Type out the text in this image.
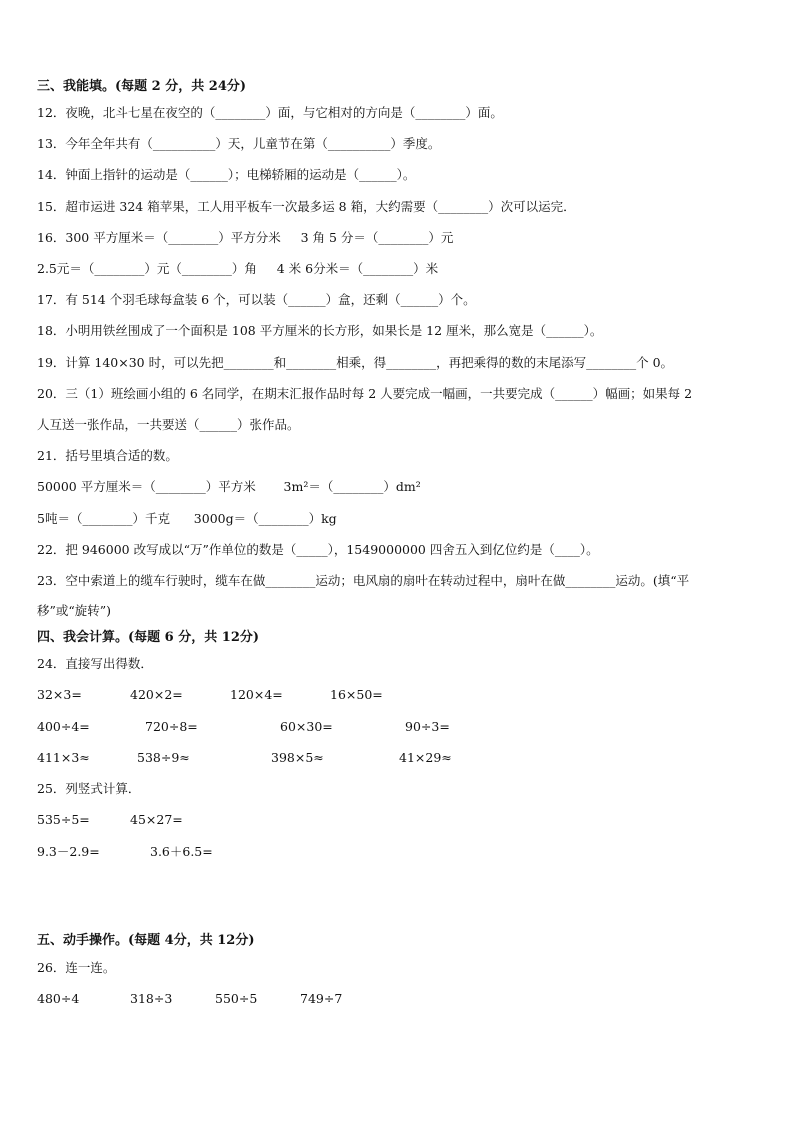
三、我能填。(每题 2 分，共 24分)
12．夜晚，北斗七星在夜空的（________）面，与它相对的方向是（________）面。
13．今年全年共有（__________）天，儿童节在第（__________）季度。
14．钟面上指针的运动是（______）；电梯轿厢的运动是（______）。
15．超市运进 324 箱苹果，工人用平板车一次最多运 8 箱，大约需要（________）次可以运完．
16．300 平方厘米＝（________）平方分米     3 角 5 分＝（________）元
2.5元＝（________）元（________）角     4 米 6分米＝（________）米
17．有 514 个羽毛球每盒装 6 个，可以装（______）盒，还剩（______）个。
18．小明用铁丝围成了一个面积是 108 平方厘米的长方形，如果长是 12 厘米，那么宽是（______）。
19．计算 140×30 时，可以先把________和________相乘，得________，再把乘得的数的末尾添写________个 0。
20．三（1）班绘画小组的 6 名同学，在期末汇报作品时每 2 人要完成一幅画，一共要完成（______）幅画；如果每 2
人互送一张作品，一共要送（______）张作品。
21．括号里填合适的数。
50000 平方厘米＝（________）平方米       3m²＝（________）dm²
5吨＝（________）千克      3000g＝（________）kg
22．把 946000 改写成以“万”作单位的数是（_____），1549000000 四舍五入到亿位约是（____）。
23．空中索道上的缆车行驶时，缆车在做________运动；电风扇的扇叶在转动过程中，扇叶在做________运动。(填“平
移”或“旋转”)
四、我会计算。(每题 6 分，共 12分)
24．直接写出得数．
32×3=	420×2=	120×4=	16×50=
400÷4=	720÷8=	60×30=	90÷3=
411×3≈	538÷9≈	398×5≈	41×29≈
25．列竖式计算．
535÷5=	45×27=
9.3－2.9=	3.6＋6.5=
五、动手操作。(每题 4分，共 12分)
26．连一连。
480÷4	318÷3	550÷5	749÷7
